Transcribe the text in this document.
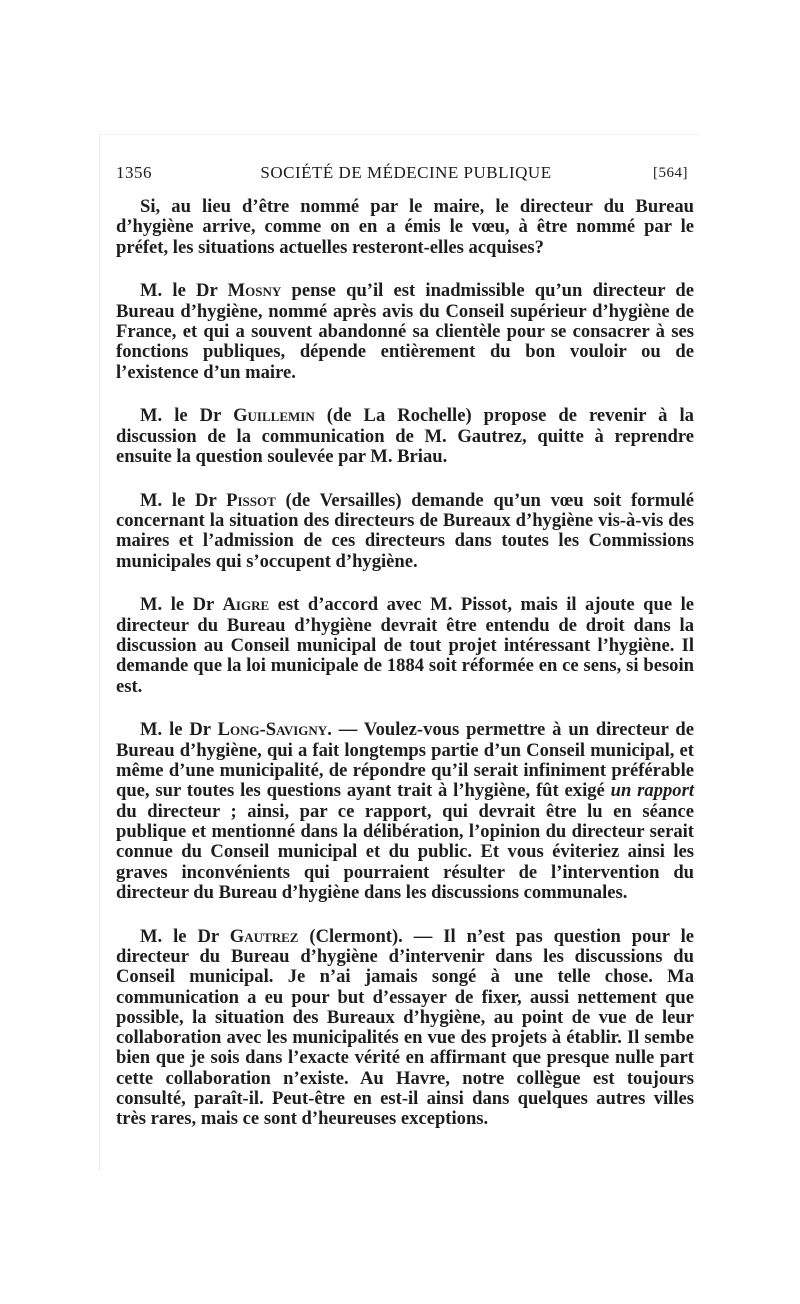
1356	SOCIÉTÉ DE MÉDECINE PUBLIQUE	[564]

Si, au lieu d’être nommé par le maire, le directeur du Bureau d’hygiène arrive, comme on en a émis le vœu, à être nommé par le préfet, les situations actuelles resteront-elles acquises?

M. le Dr Mosny pense qu’il est inadmissible qu’un directeur de Bureau d’hygiène, nommé après avis du Conseil supérieur d’hygiène de France, et qui a souvent abandonné sa clientèle pour se consacrer à ses fonctions publiques, dépende entièrement du bon vouloir ou de l’existence d’un maire.

M. le Dr Guillemin (de La Rochelle) propose de revenir à la discussion de la communication de M. Gautrez, quitte à reprendre ensuite la question soulevée par M. Briau.

M. le Dr Pissot (de Versailles) demande qu’un vœu soit formulé concernant la situation des directeurs de Bureaux d’hygiène vis-à-vis des maires et l’admission de ces directeurs dans toutes les Commissions municipales qui s’occupent d’hygiène.

M. le Dr Aigre est d’accord avec M. Pissot, mais il ajoute que le directeur du Bureau d’hygiène devrait être entendu de droit dans la discussion au Conseil municipal de tout projet intéressant l’hygiène. Il demande que la loi municipale de 1884 soit réformée en ce sens, si besoin est.

M. le Dr Long-Savigny. — Voulez-vous permettre à un directeur de Bureau d’hygiène, qui a fait longtemps partie d’un Conseil municipal, et même d’une municipalité, de répondre qu’il serait infiniment préférable que, sur toutes les questions ayant trait à l’hygiène, fût exigé un rapport du directeur ; ainsi, par ce rapport, qui devrait être lu en séance publique et mentionné dans la délibération, l’opinion du directeur serait connue du Conseil municipal et du public. Et vous éviteriez ainsi les graves inconvénients qui pourraient résulter de l’intervention du directeur du Bureau d’hygiène dans les discussions communales.

M. le Dr Gautrez (Clermont). — Il n’est pas question pour le directeur du Bureau d’hygiène d’intervenir dans les discussions du Conseil municipal. Je n’ai jamais songé à une telle chose. Ma communication a eu pour but d’essayer de fixer, aussi nettement que possible, la situation des Bureaux d’hygiène, au point de vue de leur collaboration avec les municipalités en vue des projets à établir. Il sembe bien que je sois dans l’exacte vérité en affirmant que presque nulle part cette collaboration n’existe. Au Havre, notre collègue est toujours consulté, paraît-il. Peut-être en est-il ainsi dans quelques autres villes très rares, mais ce sont d’heureuses exceptions.
